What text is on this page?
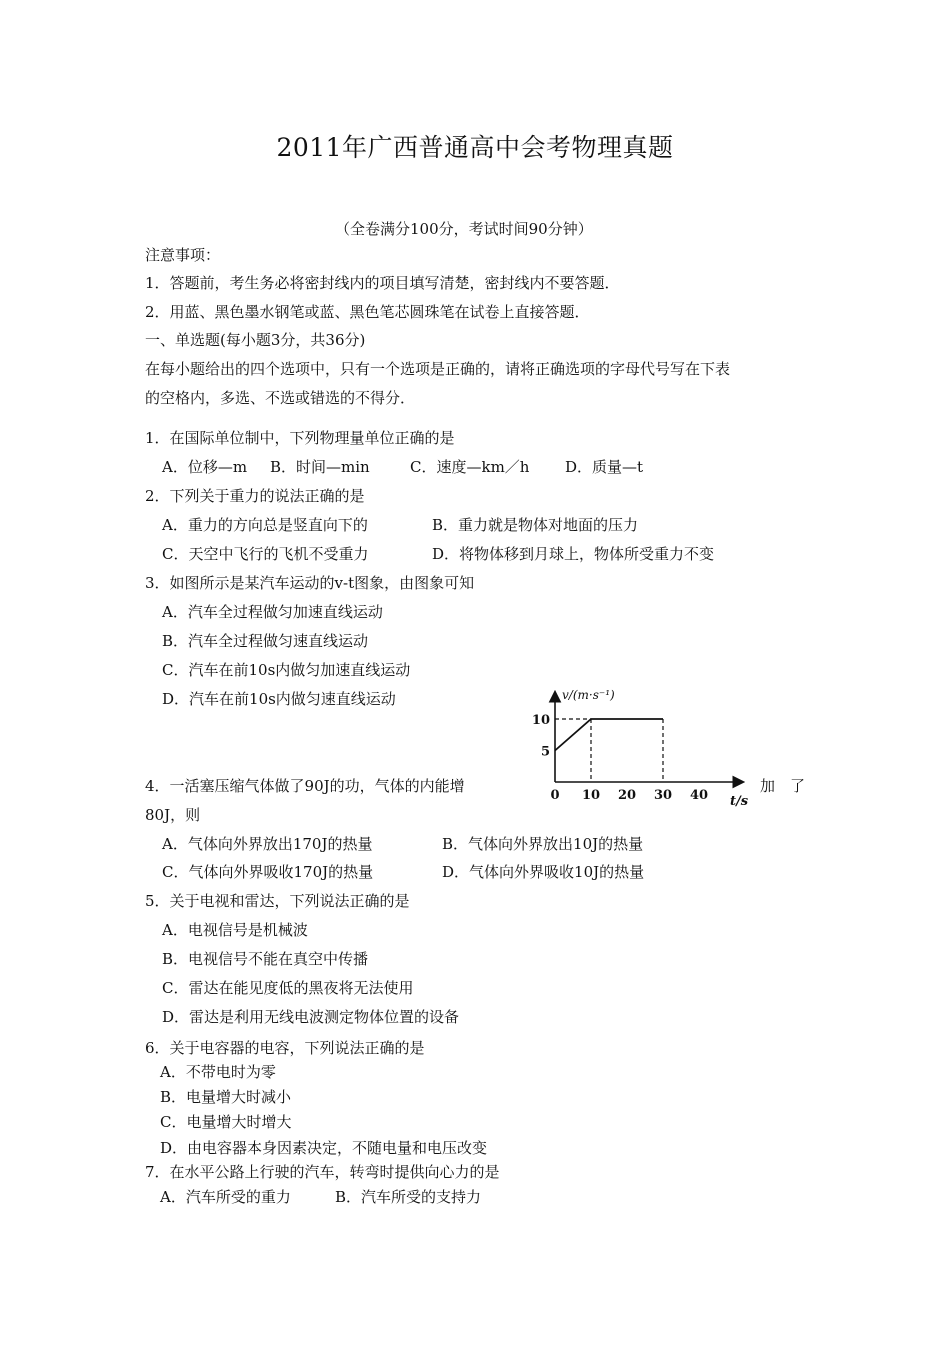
2011年广西普通高中会考物理真题
（全卷满分100分，考试时间90分钟）
注意事项：
1．答题前，考生务必将密封线内的项目填写清楚，密封线内不要答题．
2．用蓝、黑色墨水钢笔或蓝、黑色笔芯圆珠笔在试卷上直接答题．
一、单选题(每小题3分，共36分)
在每小题给出的四个选项中，只有一个选项是正确的，请将正确选项的字母代号写在下表
的空格内，多选、不选或错选的不得分．
1．在国际单位制中，下列物理量单位正确的是
A．位移—m B．时间—min	C．速度—km／h D．质量—t
2．下列关于重力的说法正确的是
A．重力的方向总是竖直向下的	B．重力就是物体对地面的压力
C．天空中飞行的飞机不受重力	D．将物体移到月球上，物体所受重力不变
3．如图所示是某汽车运动的v-t图象，由图象可知
A．汽车全过程做匀加速直线运动
B．汽车全过程做匀速直线运动
C．汽车在前10s内做匀加速直线运动
D．汽车在前10s内做匀速直线运动
0 10 20 30 40
5
10
v/(m·s⁻¹)
t/s
4．一活塞压缩气体做了90J的功，气体的内能增	加　了
80J，则
A．气体向外界放出170J的热量	B．气体向外界放出10J的热量
C．气体向外界吸收170J的热量	D．气体向外界吸收10J的热量
5．关于电视和雷达，下列说法正确的是
A．电视信号是机械波
B．电视信号不能在真空中传播
C．雷达在能见度低的黑夜将无法使用
D．雷达是利用无线电波测定物体位置的设备
6．关于电容器的电容，下列说法正确的是
A．不带电时为零
B．电量增大时减小
C．电量增大时增大
D．由电容器本身因素决定，不随电量和电压改变
7．在水平公路上行驶的汽车，转弯时提供向心力的是
A．汽车所受的重力	B．汽车所受的支持力
